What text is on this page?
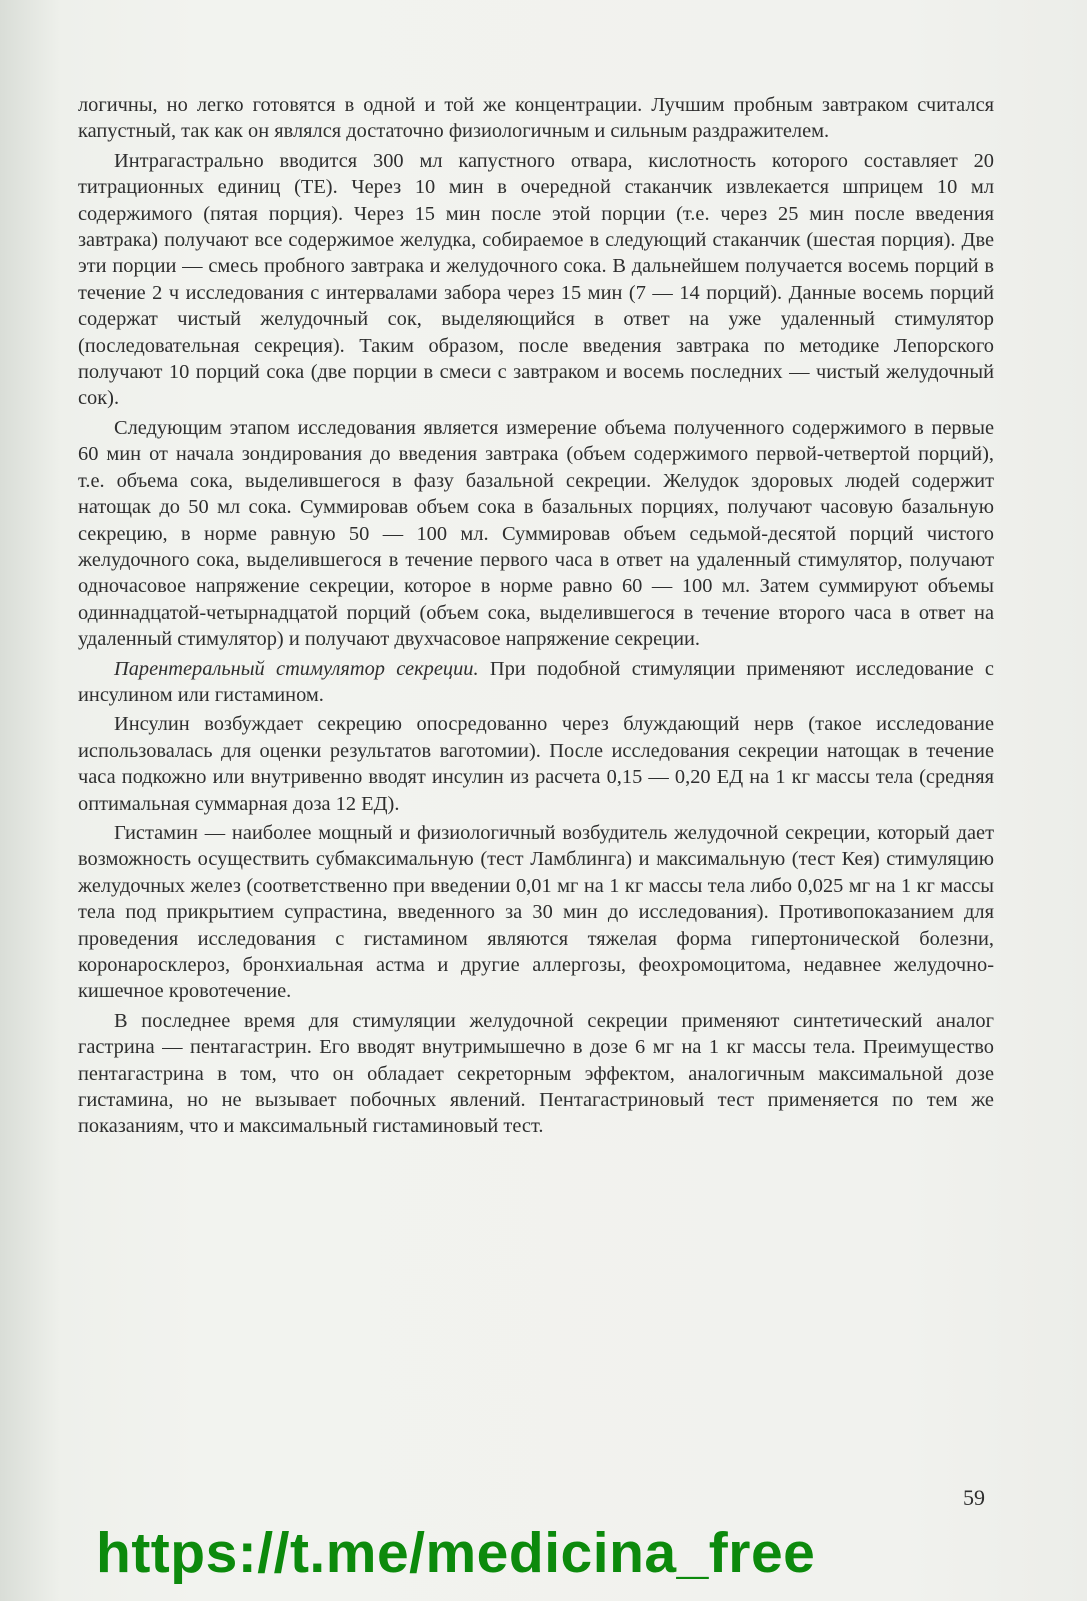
логичны, но легко готовятся в одной и той же концентрации. Лучшим пробным завтраком считался капустный, так как он являлся достаточно физиологичным и сильным раздражителем.

Интрагастрально вводится 300 мл капустного отвара, кислотность которого составляет 20 титрационных единиц (ТЕ). Через 10 мин в очередной стаканчик извлекается шприцем 10 мл содержимого (пятая порция). Через 15 мин после этой порции (т.е. через 25 мин после введения завтрака) получают все содержимое желудка, собираемое в следующий стаканчик (шестая порция). Две эти порции — смесь пробного завтрака и желудочного сока. В дальнейшем получается восемь порций в течение 2 ч исследования с интервалами забора через 15 мин (7 — 14 порций). Данные восемь порций содержат чистый желудочный сок, выделяющийся в ответ на уже удаленный стимулятор (последовательная секреция). Таким образом, после введения завтрака по методике Лепорского получают 10 порций сока (две порции в смеси с завтраком и восемь последних — чистый желудочный сок).

Следующим этапом исследования является измерение объема полученного содержимого в первые 60 мин от начала зондирования до введения завтрака (объем содержимого первой-четвертой порций), т.е. объема сока, выделившегося в фазу базальной секреции. Желудок здоровых людей содержит натощак до 50 мл сока. Суммировав объем сока в базальных порциях, получают часовую базальную секрецию, в норме равную 50 — 100 мл. Суммировав объем седьмой-десятой порций чистого желудочного сока, выделившегося в течение первого часа в ответ на удаленный стимулятор, получают одночасовое напряжение секреции, которое в норме равно 60 — 100 мл. Затем суммируют объемы одиннадцатой-четырнадцатой порций (объем сока, выделившегося в течение второго часа в ответ на удаленный стимулятор) и получают двухчасовое напряжение секреции.

Парентеральный стимулятор секреции. При подобной стимуляции применяют исследование с инсулином или гистамином.

Инсулин возбуждает секрецию опосредованно через блуждающий нерв (такое исследование использовалась для оценки результатов ваготомии). После исследования секреции натощак в течение часа подкожно или внутривенно вводят инсулин из расчета 0,15 — 0,20 ЕД на 1 кг массы тела (средняя оптимальная суммарная доза 12 ЕД).

Гистамин — наиболее мощный и физиологичный возбудитель желудочной секреции, который дает возможность осуществить субмаксимальную (тест Ламблинга) и максимальную (тест Кея) стимуляцию желудочных желез (соответственно при введении 0,01 мг на 1 кг массы тела либо 0,025 мг на 1 кг массы тела под прикрытием супрастина, введенного за 30 мин до исследования). Противопоказанием для проведения исследования с гистамином являются тяжелая форма гипертонической болезни, коронаросклероз, бронхиальная астма и другие аллергозы, феохромоцитома, недавнее желудочно-кишечное кровотечение.

В последнее время для стимуляции желудочной секреции применяют синтетический аналог гастрина — пентагастрин. Его вводят внутримышечно в дозе 6 мг на 1 кг массы тела. Преимущество пентагастрина в том, что он обладает секреторным эффектом, аналогичным максимальной дозе гистамина, но не вызывает побочных явлений. Пентагастриновый тест применяется по тем же показаниям, что и максимальный гистаминовый тест.

59
https://t.me/medicina_free
